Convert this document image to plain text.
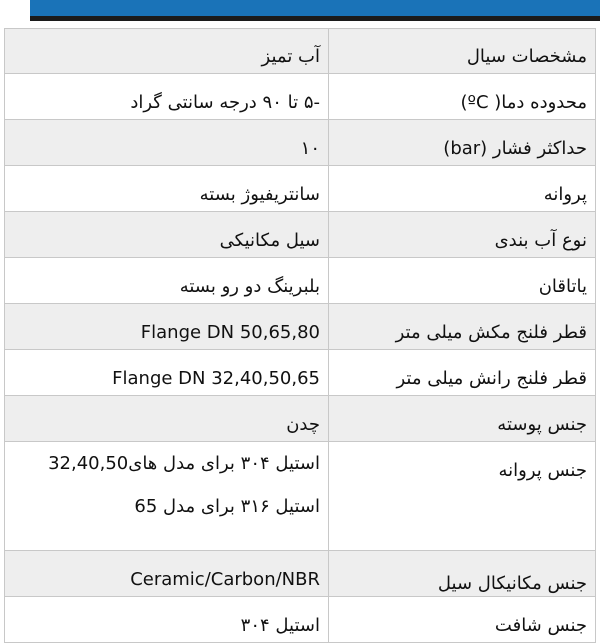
مشخصات سیال	آب تمیز
محدوده دما( ºC)	-۵ تا ۹۰ درجه سانتی گراد
حداکثر فشار (bar)	۱۰
پروانه	سانتریفیوژ بسته
نوع آب بندی	سیل مکانیکی
یاتاقان	بلبرینگ دو رو بسته
قطر فلنج مکش میلی متر	Flange DN 50,65,80
قطر فلنج رانش میلی متر	Flange DN 32,40,50,65
جنس پوسته	چدن
جنس پروانه	استیل ۳۰۴ برای مدل های32,40,50
استیل ۳۱۶ برای مدل 65

جنس مکانیکال سیل	Ceramic/Carbon/NBR
جنس شافت	استیل ۳۰۴
